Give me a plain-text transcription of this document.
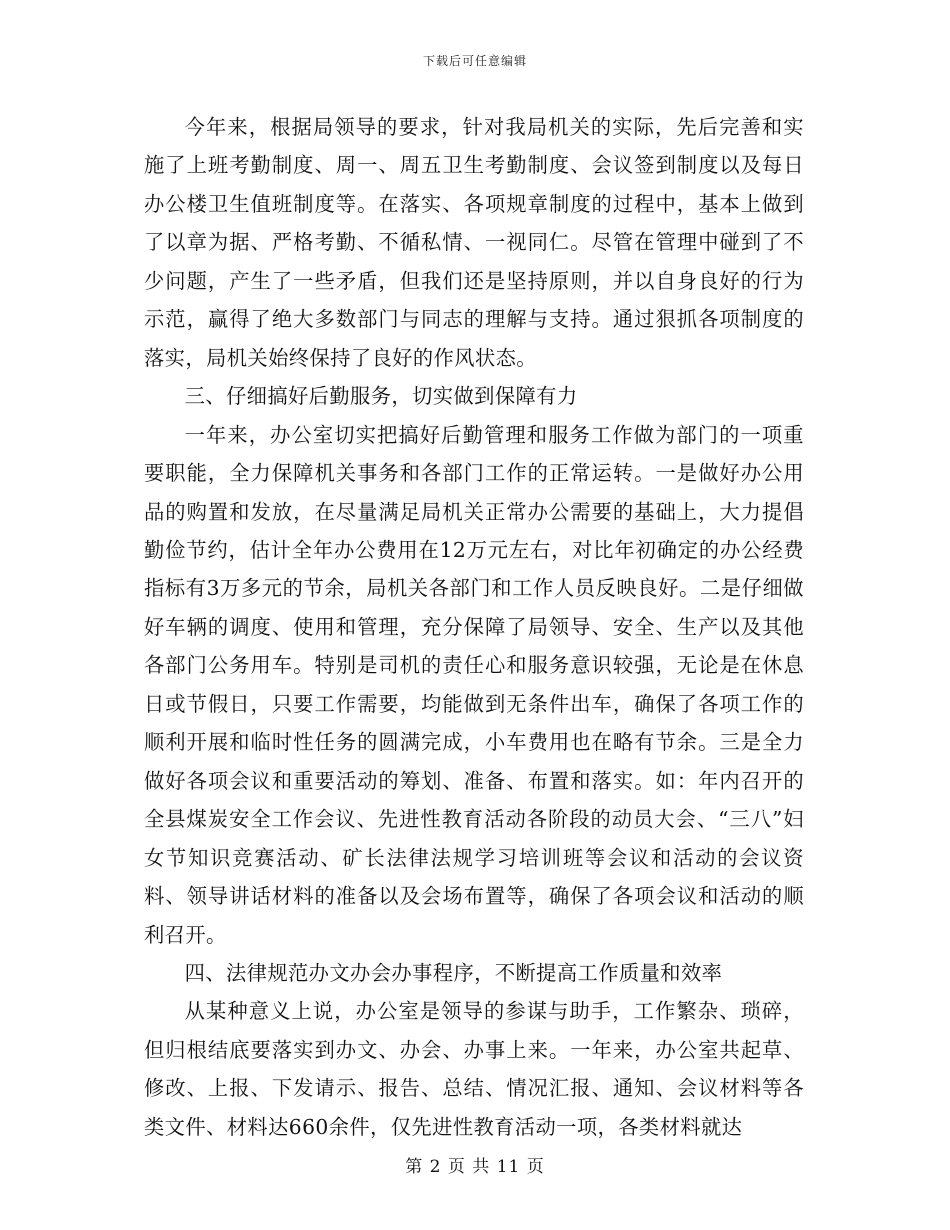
下载后可任意编辑

今年来，根据局领导的要求，针对我局机关的实际，先后完善和实施了上班考勤制度、周一、周五卫生考勤制度、会议签到制度以及每日办公楼卫生值班制度等。在落实、各项规章制度的过程中，基本上做到了以章为据、严格考勤、不循私情、一视同仁。尽管在管理中碰到了不少问题，产生了一些矛盾，但我们还是坚持原则，并以自身良好的行为示范，赢得了绝大多数部门与同志的理解与支持。通过狠抓各项制度的落实，局机关始终保持了良好的作风状态。

三、仔细搞好后勤服务，切实做到保障有力

一年来，办公室切实把搞好后勤管理和服务工作做为部门的一项重要职能，全力保障机关事务和各部门工作的正常运转。一是做好办公用品的购置和发放，在尽量满足局机关正常办公需要的基础上，大力提倡勤俭节约，估计全年办公费用在12万元左右，对比年初确定的办公经费指标有3万多元的节余，局机关各部门和工作人员反映良好。二是仔细做好车辆的调度、使用和管理，充分保障了局领导、安全、生产以及其他各部门公务用车。特别是司机的责任心和服务意识较强，无论是在休息日或节假日，只要工作需要，均能做到无条件出车，确保了各项工作的顺利开展和临时性任务的圆满完成，小车费用也在略有节余。三是全力做好各项会议和重要活动的筹划、准备、布置和落实。如：年内召开的全县煤炭安全工作会议、先进性教育活动各阶段的动员大会、“三八”妇女节知识竞赛活动、矿长法律法规学习培训班等会议和活动的会议资料、领导讲话材料的准备以及会场布置等，确保了各项会议和活动的顺利召开。

四、法律规范办文办会办事程序，不断提高工作质量和效率

从某种意义上说，办公室是领导的参谋与助手，工作繁杂、琐碎，但归根结底要落实到办文、办会、办事上来。一年来，办公室共起草、修改、上报、下发请示、报告、总结、情况汇报、通知、会议材料等各类文件、材料达660余件，仅先进性教育活动一项，各类材料就达

第 2 页 共 11 页
